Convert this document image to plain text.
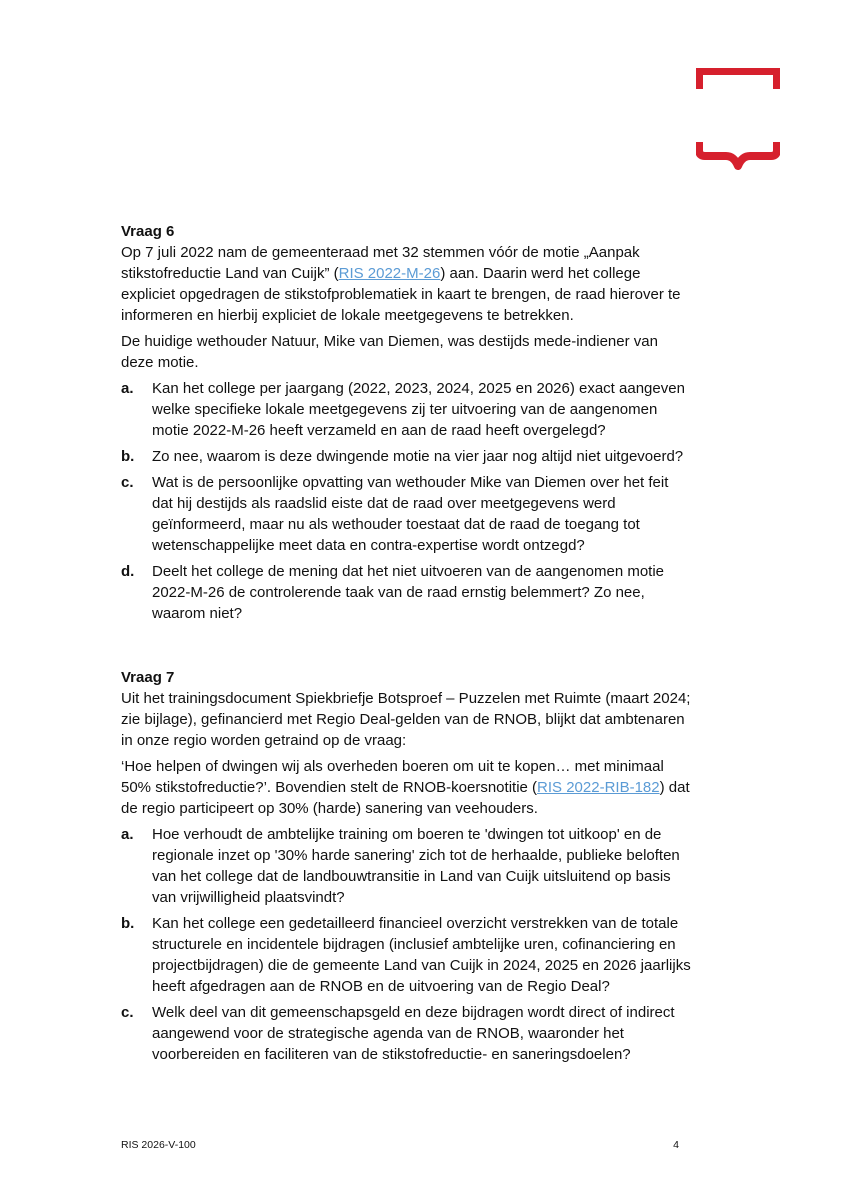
Vraag 6

Op 7 juli 2022 nam de gemeenteraad met 32 stemmen vóór de motie „Aanpak stikstofreductie Land van Cuijk” (RIS 2022-M-26) aan. Daarin werd het college expliciet opgedragen de stikstofproblematiek in kaart te brengen, de raad hierover te informeren en hierbij expliciet de lokale meetgegevens te betrekken.

De huidige wethouder Natuur, Mike van Diemen, was destijds mede-indiener van deze motie.

a.	Kan het college per jaargang (2022, 2023, 2024, 2025 en 2026) exact aangeven welke specifieke lokale meetgegevens zij ter uitvoering van de aangenomen motie 2022-M-26 heeft verzameld en aan de raad heeft overgelegd?
b.	Zo nee, waarom is deze dwingende motie na vier jaar nog altijd niet uitgevoerd?
c.	Wat is de persoonlijke opvatting van wethouder Mike van Diemen over het feit dat hij destijds als raadslid eiste dat de raad over meetgegevens werd geïnformeerd, maar nu als wethouder toestaat dat de raad de toegang tot wetenschappelijke meet data en contra-expertise wordt ontzegd?
d.	Deelt het college de mening dat het niet uitvoeren van de aangenomen motie 2022-M-26 de controlerende taak van de raad ernstig belemmert? Zo nee, waarom niet?
Vraag 7

Uit het trainingsdocument Spiekbriefje Botsproef – Puzzelen met Ruimte (maart 2024; zie bijlage), gefinancierd met Regio Deal-gelden van de RNOB, blijkt dat ambtenaren in onze regio worden getraind op de vraag:

‘Hoe helpen of dwingen wij als overheden boeren om uit te kopen… met minimaal 50% stikstofreductie?’. Bovendien stelt de RNOB-koersnotitie (RIS 2022-RIB-182) dat de regio participeert op 30% (harde) sanering van veehouders.

a.	Hoe verhoudt de ambtelijke training om boeren te 'dwingen tot uitkoop' en de regionale inzet op '30% harde sanering' zich tot de herhaalde, publieke beloften van het college dat de landbouwtransitie in Land van Cuijk uitsluitend op basis van vrijwilligheid plaatsvindt?
b.	Kan het college een gedetailleerd financieel overzicht verstrekken van de totale structurele en incidentele bijdragen (inclusief ambtelijke uren, cofinanciering en projectbijdragen) die de gemeente Land van Cuijk in 2024, 2025 en 2026 jaarlijks heeft afgedragen aan de RNOB en de uitvoering van de Regio Deal?
c.	Welk deel van dit gemeenschapsgeld en deze bijdragen wordt direct of indirect aangewend voor de strategische agenda van de RNOB, waaronder het voorbereiden en faciliteren van de stikstofreductie- en saneringsdoelen?
RIS 2026-V-100	4
